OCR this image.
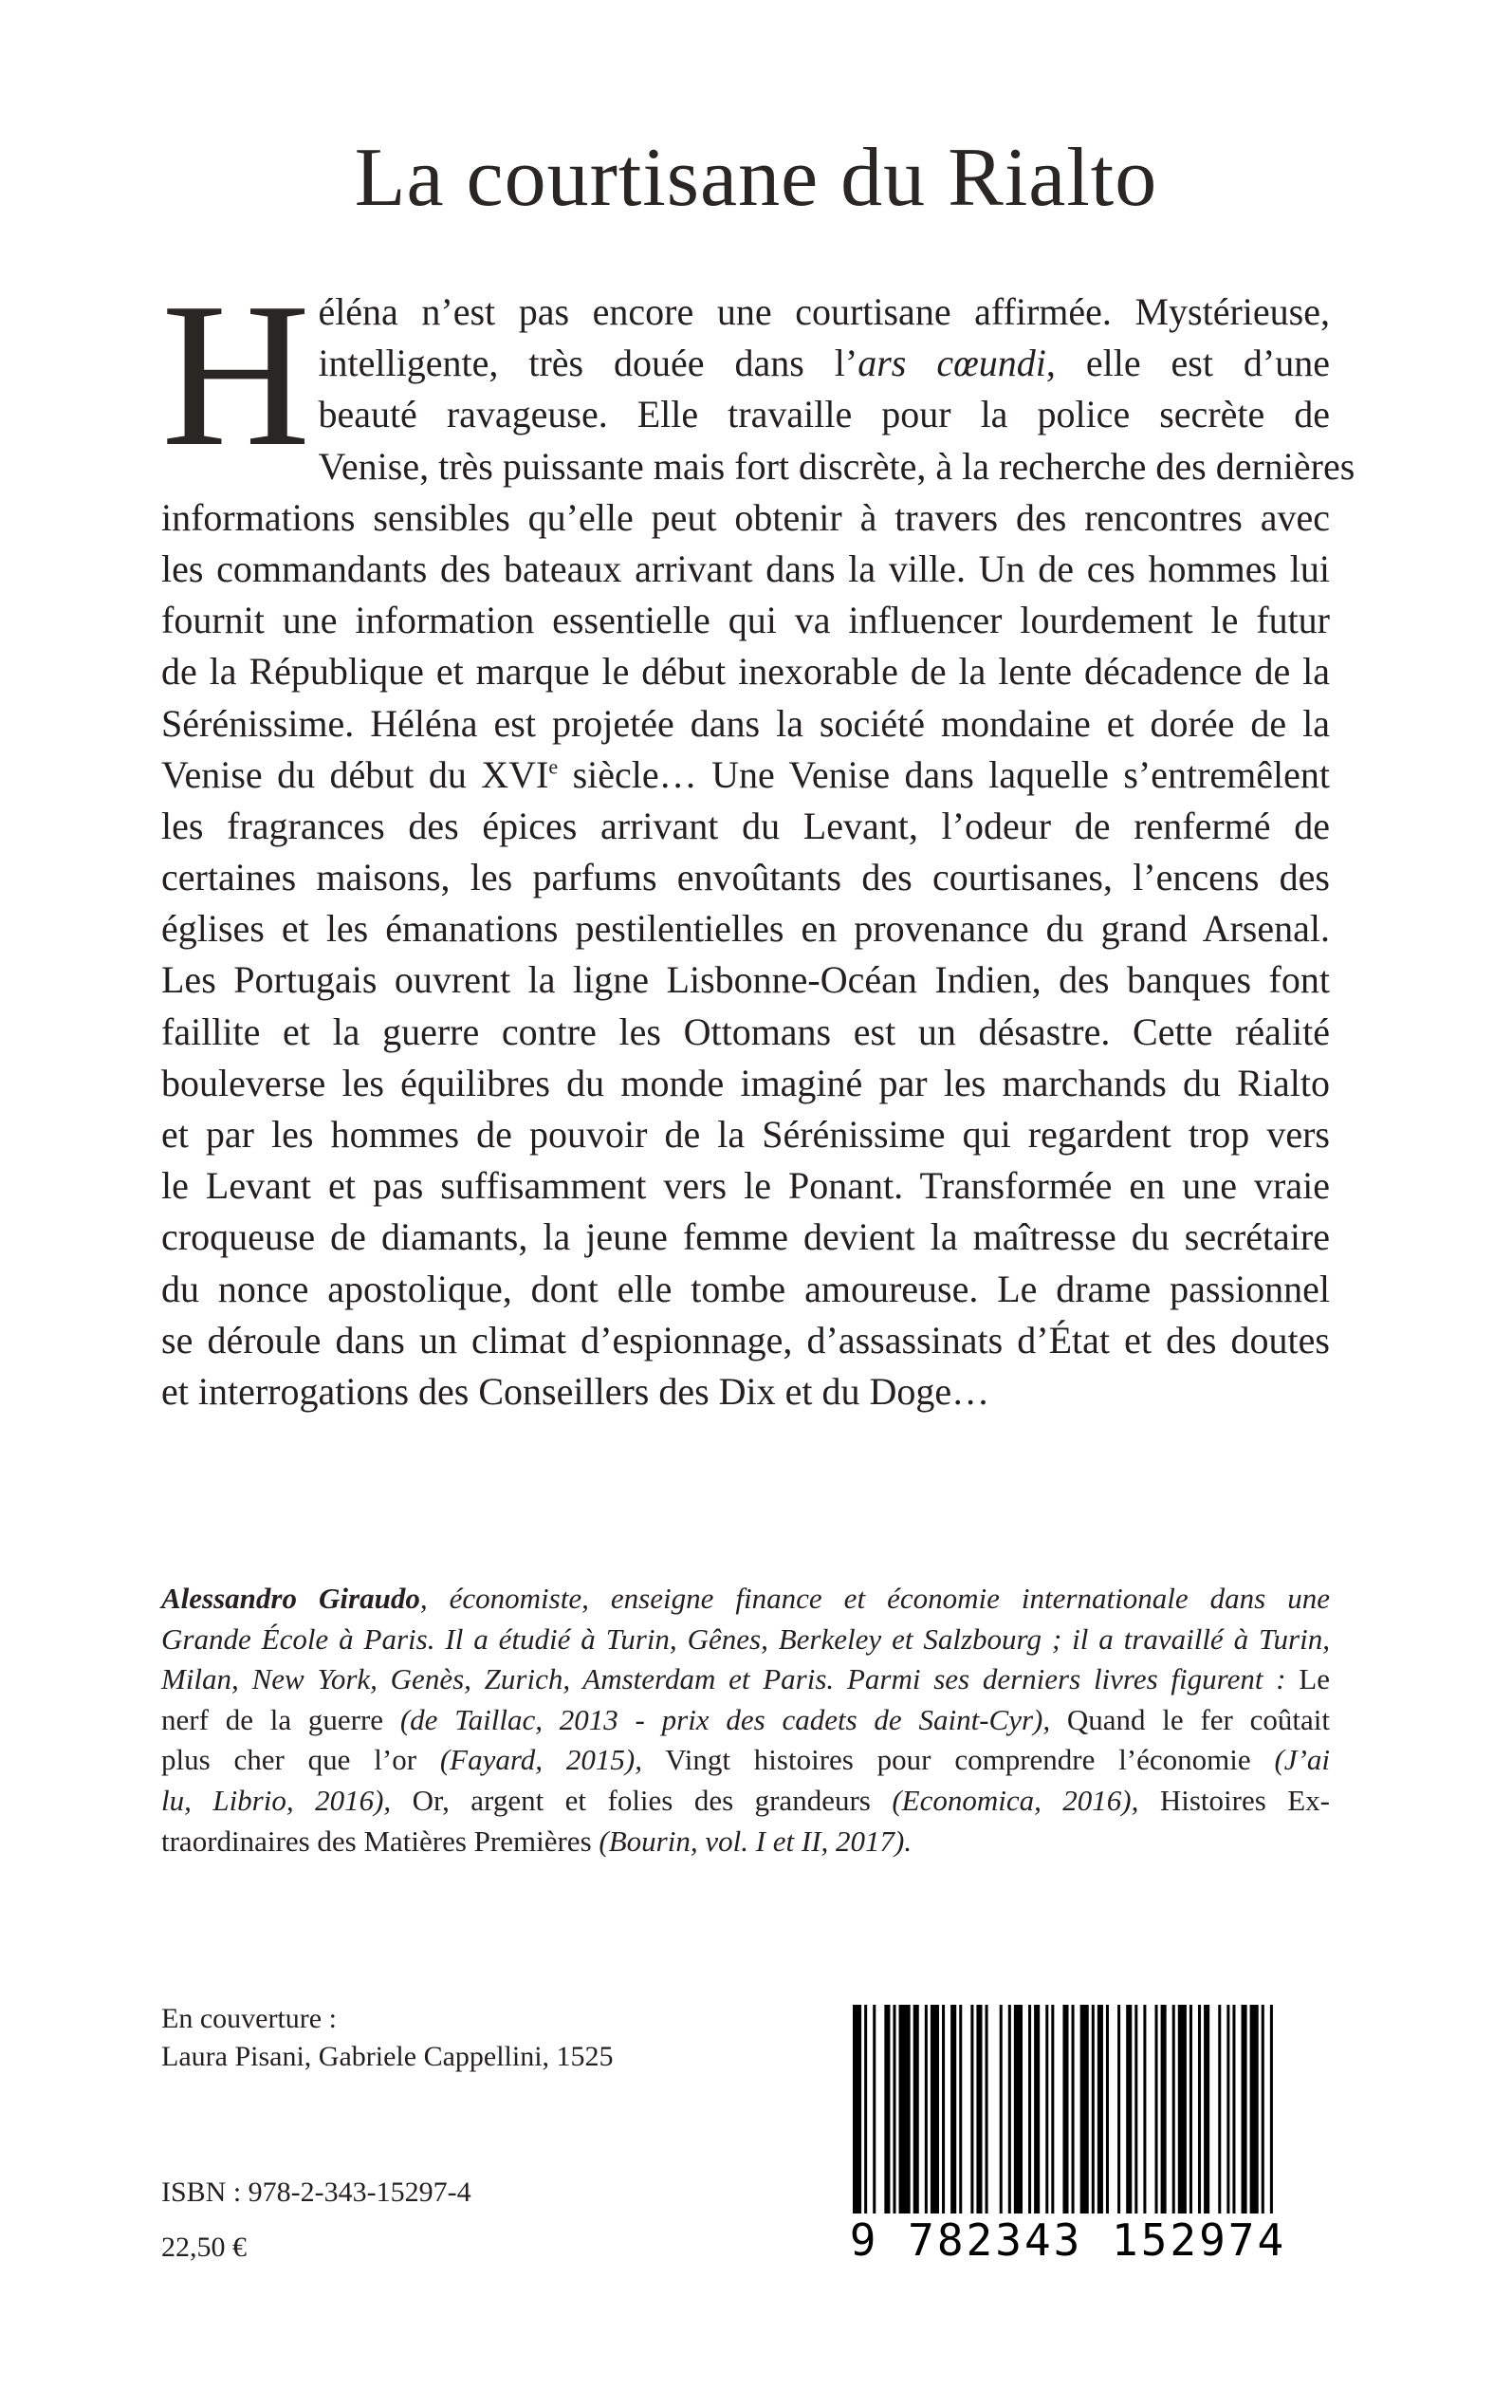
La courtisane du Rialto
H éléna n’est pas encore une courtisane affirmée. Mystérieuse,
intelligente, très douée dans l’ars cœundi, elle est d’une
beauté ravageuse. Elle travaille pour la police secrète de
Venise, très puissante mais fort discrète, à la recherche des dernières
informations sensibles qu’elle peut obtenir à travers des rencontres avec
les commandants des bateaux arrivant dans la ville. Un de ces hommes lui
fournit une information essentielle qui va influencer lourdement le futur
de la République et marque le début inexorable de la lente décadence de la
Sérénissime. Héléna est projetée dans la société mondaine et dorée de la
Venise du début du XVIe siècle… Une Venise dans laquelle s’entremêlent
les fragrances des épices arrivant du Levant, l’odeur de renfermé de
certaines maisons, les parfums envoûtants des courtisanes, l’encens des
églises et les émanations pestilentielles en provenance du grand Arsenal.
Les Portugais ouvrent la ligne Lisbonne-Océan Indien, des banques font
faillite et la guerre contre les Ottomans est un désastre. Cette réalité
bouleverse les équilibres du monde imaginé par les marchands du Rialto
et par les hommes de pouvoir de la Sérénissime qui regardent trop vers
le Levant et pas suffisamment vers le Ponant. Transformée en une vraie
croqueuse de diamants, la jeune femme devient la maîtresse du secrétaire
du nonce apostolique, dont elle tombe amoureuse. Le drame passionnel
se déroule dans un climat d’espionnage, d’assassinats d’État et des doutes
et interrogations des Conseillers des Dix et du Doge…
Alessandro Giraudo, économiste, enseigne finance et économie internationale dans une
Grande École à Paris. Il a étudié à Turin, Gênes, Berkeley et Salzbourg ; il a travaillé à Turin,
Milan, New York, Genès, Zurich, Amsterdam et Paris. Parmi ses derniers livres figurent : Le
nerf de la guerre (de Taillac, 2013 - prix des cadets de Saint-Cyr), Quand le fer coûtait
plus cher que l’or (Fayard, 2015), Vingt histoires pour comprendre l’économie (J’ai
lu, Librio, 2016), Or, argent et folies des grandeurs (Economica, 2016), Histoires Ex-
traordinaires des Matières Premières (Bourin, vol. I et II, 2017).
En couverture :
Laura Pisani, Gabriele Cappellini, 1525
ISBN : 978-2-343-15297-4
22,50 €	9 782343 152974
